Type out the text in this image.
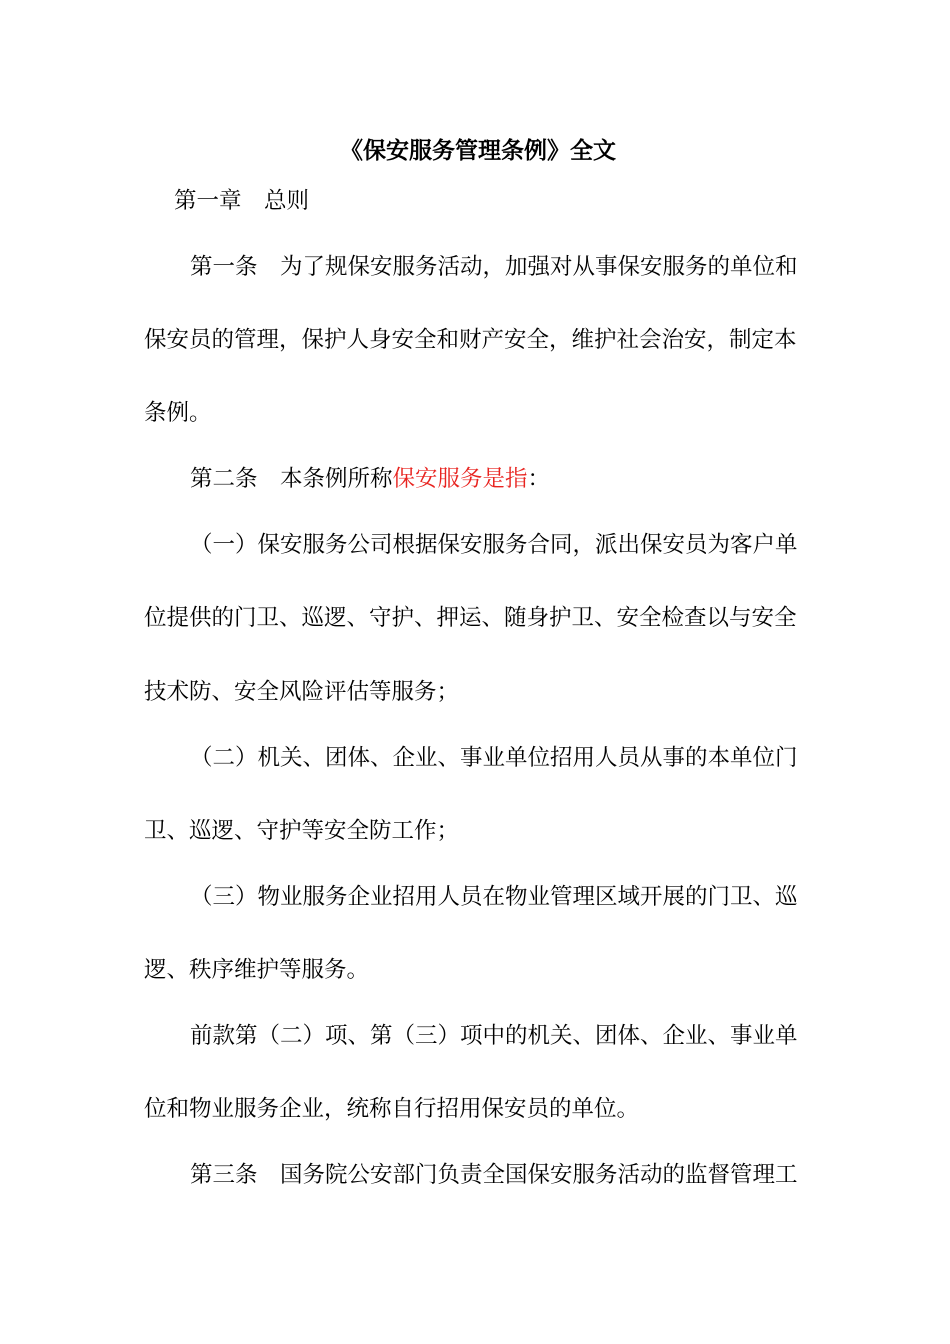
《保安服务管理条例》全文
第一章　总则
第一条　为了规保安服务活动，加强对从事保安服务的单位和
保安员的管理，保护人身安全和财产安全，维护社会治安，制定本
条例。
第二条　本条例所称保安服务是指：
（一）保安服务公司根据保安服务合同，派出保安员为客户单
位提供的门卫、巡逻、守护、押运、随身护卫、安全检查以与安全
技术防、安全风险评估等服务；
（二）机关、团体、企业、事业单位招用人员从事的本单位门
卫、巡逻、守护等安全防工作；
（三）物业服务企业招用人员在物业管理区域开展的门卫、巡
逻、秩序维护等服务。
前款第（二）项、第（三）项中的机关、团体、企业、事业单
位和物业服务企业，统称自行招用保安员的单位。
第三条　国务院公安部门负责全国保安服务活动的监督管理工
